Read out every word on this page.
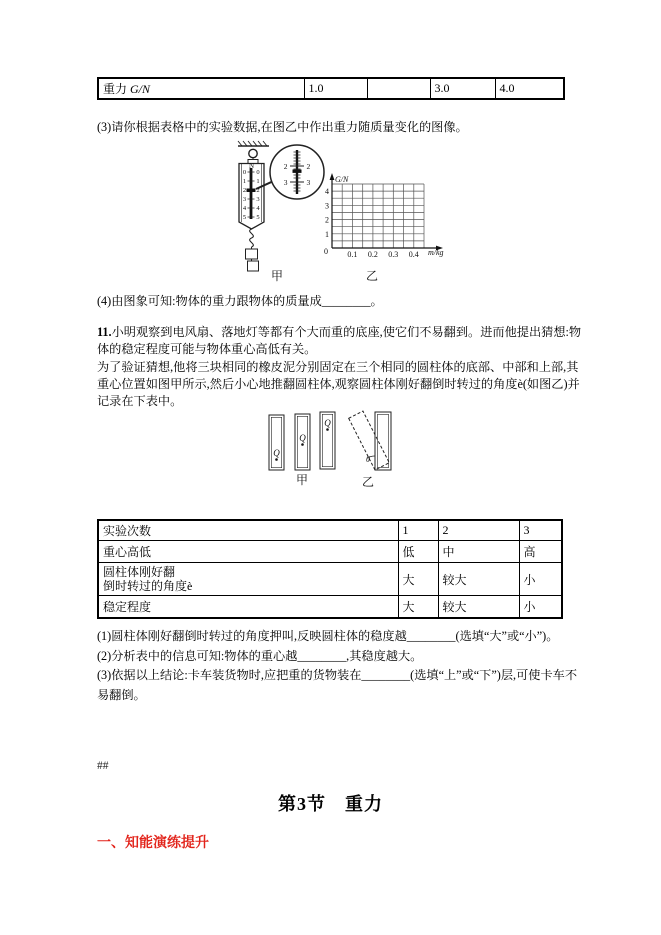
重力 G/N	1.0		3.0	4.0
(3)请你根据表格中的实验数据,在图乙中作出重力随质量变化的图像。
N
0 0
1 1
2 2
3 3
4 4
5 5
2	2
3	3	G/N
m/kg
4
3
2
1
0 0.1 0.2 0.3 0.4
甲	乙
(4)由图象可知:物体的重力跟物体的质量成________。
11.小明观察到电风扇、落地灯等都有个大而重的底座,使它们不易翻到。进而他提出猜想:物
体的稳定程度可能与物体重心高低有关。
为了验证猜想,他将三块相同的橡皮泥分别固定在三个相同的圆柱体的底部、中部和上部,其
重心位置如图甲所示,然后小心地推翻圆柱体,观察圆柱体刚好翻倒时转过的角度è(如图乙)并
记录在下表中。
Q
Q
Q
θ
甲	乙
实验次数	1	2	3
重心高低	低	中	高

圆柱体刚好翻
倒时转过的角度è	大	较大	小
稳定程度	大	较大	小
(1)圆柱体刚好翻倒时转过的角度押叫,反映圆柱体的稳度越________(选填“大”或“小”)。
(2)分析表中的信息可知:物体的重心越________,其稳度越大。
(3)依据以上结论:卡车装货物时,应把重的货物装在________(选填“上”或“下”)层,可使卡车不
易翻倒。
##
第3节　重力
一、知能演练提升
